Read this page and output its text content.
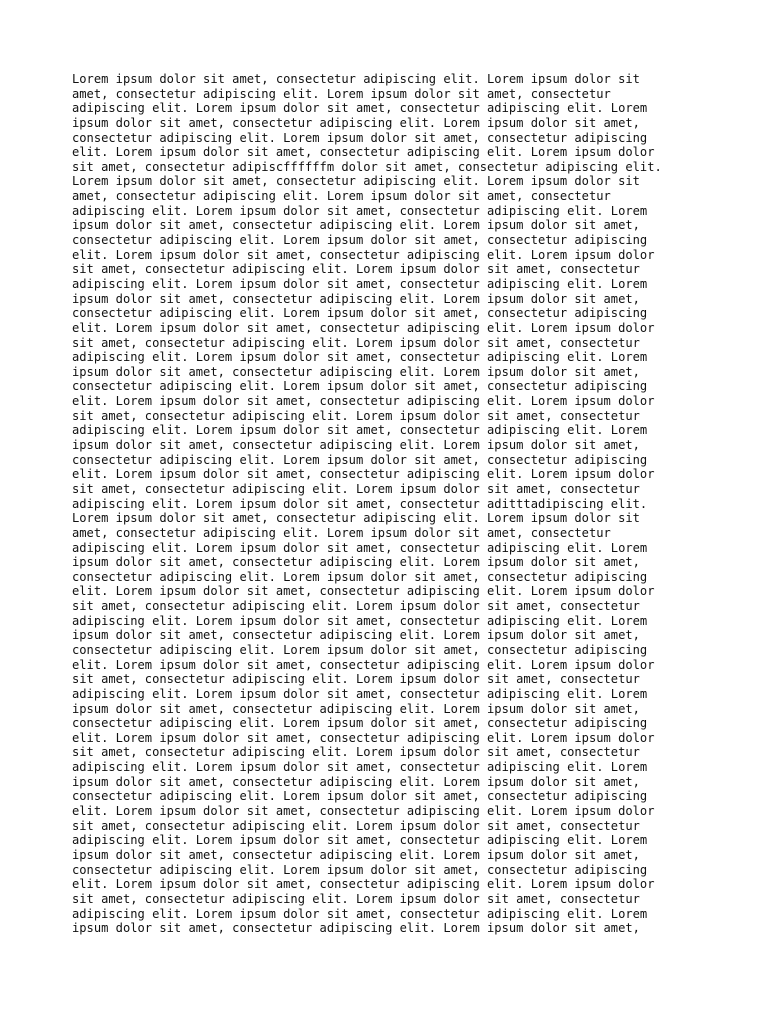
Lorem ipsum dolor sit amet, consectetur adipiscing elit. Lorem ipsum dolor sit
amet, consectetur adipiscing elit. Lorem ipsum dolor sit amet, consectetur
adipiscing elit. Lorem ipsum dolor sit amet, consectetur adipiscing elit. Lorem
ipsum dolor sit amet, consectetur adipiscing elit. Lorem ipsum dolor sit amet,
consectetur adipiscing elit. Lorem ipsum dolor sit amet, consectetur adipiscing
elit. Lorem ipsum dolor sit amet, consectetur adipiscing elit. Lorem ipsum dolor
sit amet, consectetur adipiscffffffm dolor sit amet, consectetur adipiscing elit.
Lorem ipsum dolor sit amet, consectetur adipiscing elit. Lorem ipsum dolor sit
amet, consectetur adipiscing elit. Lorem ipsum dolor sit amet, consectetur
adipiscing elit. Lorem ipsum dolor sit amet, consectetur adipiscing elit. Lorem
ipsum dolor sit amet, consectetur adipiscing elit. Lorem ipsum dolor sit amet,
consectetur adipiscing elit. Lorem ipsum dolor sit amet, consectetur adipiscing
elit. Lorem ipsum dolor sit amet, consectetur adipiscing elit. Lorem ipsum dolor
sit amet, consectetur adipiscing elit. Lorem ipsum dolor sit amet, consectetur
adipiscing elit. Lorem ipsum dolor sit amet, consectetur adipiscing elit. Lorem
ipsum dolor sit amet, consectetur adipiscing elit. Lorem ipsum dolor sit amet,
consectetur adipiscing elit. Lorem ipsum dolor sit amet, consectetur adipiscing
elit. Lorem ipsum dolor sit amet, consectetur adipiscing elit. Lorem ipsum dolor
sit amet, consectetur adipiscing elit. Lorem ipsum dolor sit amet, consectetur
adipiscing elit. Lorem ipsum dolor sit amet, consectetur adipiscing elit. Lorem
ipsum dolor sit amet, consectetur adipiscing elit. Lorem ipsum dolor sit amet,
consectetur adipiscing elit. Lorem ipsum dolor sit amet, consectetur adipiscing
elit. Lorem ipsum dolor sit amet, consectetur adipiscing elit. Lorem ipsum dolor
sit amet, consectetur adipiscing elit. Lorem ipsum dolor sit amet, consectetur
adipiscing elit. Lorem ipsum dolor sit amet, consectetur adipiscing elit. Lorem
ipsum dolor sit amet, consectetur adipiscing elit. Lorem ipsum dolor sit amet,
consectetur adipiscing elit. Lorem ipsum dolor sit amet, consectetur adipiscing
elit. Lorem ipsum dolor sit amet, consectetur adipiscing elit. Lorem ipsum dolor
sit amet, consectetur adipiscing elit. Lorem ipsum dolor sit amet, consectetur
adipiscing elit. Lorem ipsum dolor sit amet, consectetur aditttadipiscing elit.
Lorem ipsum dolor sit amet, consectetur adipiscing elit. Lorem ipsum dolor sit
amet, consectetur adipiscing elit. Lorem ipsum dolor sit amet, consectetur
adipiscing elit. Lorem ipsum dolor sit amet, consectetur adipiscing elit. Lorem
ipsum dolor sit amet, consectetur adipiscing elit. Lorem ipsum dolor sit amet,
consectetur adipiscing elit. Lorem ipsum dolor sit amet, consectetur adipiscing
elit. Lorem ipsum dolor sit amet, consectetur adipiscing elit. Lorem ipsum dolor
sit amet, consectetur adipiscing elit. Lorem ipsum dolor sit amet, consectetur
adipiscing elit. Lorem ipsum dolor sit amet, consectetur adipiscing elit. Lorem
ipsum dolor sit amet, consectetur adipiscing elit. Lorem ipsum dolor sit amet,
consectetur adipiscing elit. Lorem ipsum dolor sit amet, consectetur adipiscing
elit. Lorem ipsum dolor sit amet, consectetur adipiscing elit. Lorem ipsum dolor
sit amet, consectetur adipiscing elit. Lorem ipsum dolor sit amet, consectetur
adipiscing elit. Lorem ipsum dolor sit amet, consectetur adipiscing elit. Lorem
ipsum dolor sit amet, consectetur adipiscing elit. Lorem ipsum dolor sit amet,
consectetur adipiscing elit. Lorem ipsum dolor sit amet, consectetur adipiscing
elit. Lorem ipsum dolor sit amet, consectetur adipiscing elit. Lorem ipsum dolor
sit amet, consectetur adipiscing elit. Lorem ipsum dolor sit amet, consectetur
adipiscing elit. Lorem ipsum dolor sit amet, consectetur adipiscing elit. Lorem
ipsum dolor sit amet, consectetur adipiscing elit. Lorem ipsum dolor sit amet,
consectetur adipiscing elit. Lorem ipsum dolor sit amet, consectetur adipiscing
elit. Lorem ipsum dolor sit amet, consectetur adipiscing elit. Lorem ipsum dolor
sit amet, consectetur adipiscing elit. Lorem ipsum dolor sit amet, consectetur
adipiscing elit. Lorem ipsum dolor sit amet, consectetur adipiscing elit. Lorem
ipsum dolor sit amet, consectetur adipiscing elit. Lorem ipsum dolor sit amet,
consectetur adipiscing elit. Lorem ipsum dolor sit amet, consectetur adipiscing
elit. Lorem ipsum dolor sit amet, consectetur adipiscing elit. Lorem ipsum dolor
sit amet, consectetur adipiscing elit. Lorem ipsum dolor sit amet, consectetur
adipiscing elit. Lorem ipsum dolor sit amet, consectetur adipiscing elit. Lorem
ipsum dolor sit amet, consectetur adipiscing elit. Lorem ipsum dolor sit amet,
